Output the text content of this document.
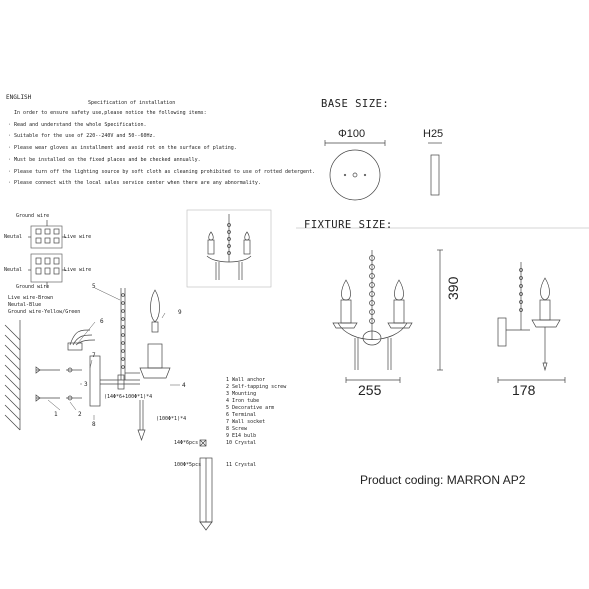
ENGLISH
Specification of installation
In order to ensure safety use,please notice the following items:
· Read and understand the whole Specification.
· Suitable for the use of 220--240V and 50--60Hz.
· Please wear gloves as installment and avoid rot on the surface of plating.
· Must be installed on the fixed places and be checked annually.
· Please turn off the lighting source by soft cloth as cleaning prohibited to use of rotted detergent.
· Please connect with the local sales service center when there are any abnormality.
Ground wire
Neutal	Live wire
Neutal	Live wire
Ground wire
Live wire-Brown
Neutal-Blue
Ground wire-Yellow/Green
5
6
9
7
4
3
8
1	2
(14Φ*6+100Φ*1)*4
(100Φ*1)*4
1 Wall anchor
2 Self-tapping screw
3 Mounting
4 Iron tube
5 Decorative arm
6 Terminal
7 Wall socket
8 Screw
9 E14 bulb
14Φ*6pcs	10 Crystal
100Φ*5pcs	11 Crystal
BASE SIZE:
Φ100	H25
FIXTURE SIZE:
390
255	178
Product coding: MARRON AP2
